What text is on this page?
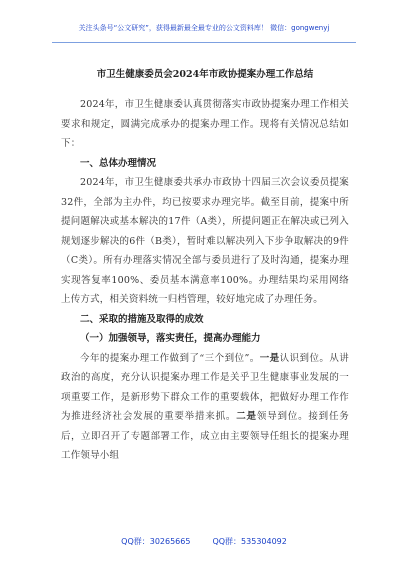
关注头条号“公文研究”，获得最新最全最专业的公文资料库！ 微信：gongwenyj
市卫生健康委员会2024年市政协提案办理工作总结

2024年，市卫生健康委认真贯彻落实市政协提案办理工作相关要求和规定，圆满完成承办的提案办理工作。现将有关情况总结如下：

一、总体办理情况

2024年，市卫生健康委共承办市政协十四届三次会议委员提案32件，全部为主办件，均已按要求办理完毕。截至目前，提案中所提问题解决或基本解决的17件（A类），所提问题正在解决或已列入规划逐步解决的6件（B类），暂时难以解决列入下步争取解决的9件（C类）。所有办理落实情况全部与委员进行了及时沟通，提案办理实现答复率100%、委员基本满意率100%。办理结果均采用网络上传方式，相关资料统一归档管理，较好地完成了办理任务。

二、采取的措施及取得的成效

（一）加强领导，落实责任，提高办理能力

今年的提案办理工作做到了“三个到位”。一是认识到位。从讲政治的高度，充分认识提案办理工作是关乎卫生健康事业发展的一项重要工作，是新形势下群众工作的重要载体，把做好办理工作作为推进经济社会发展的重要举措来抓。二是领导到位。接到任务后，立即召开了专题部署工作，成立由主要领导任组长的提案办理工作领导小组

QQ群：30265665	QQ群：535304092
